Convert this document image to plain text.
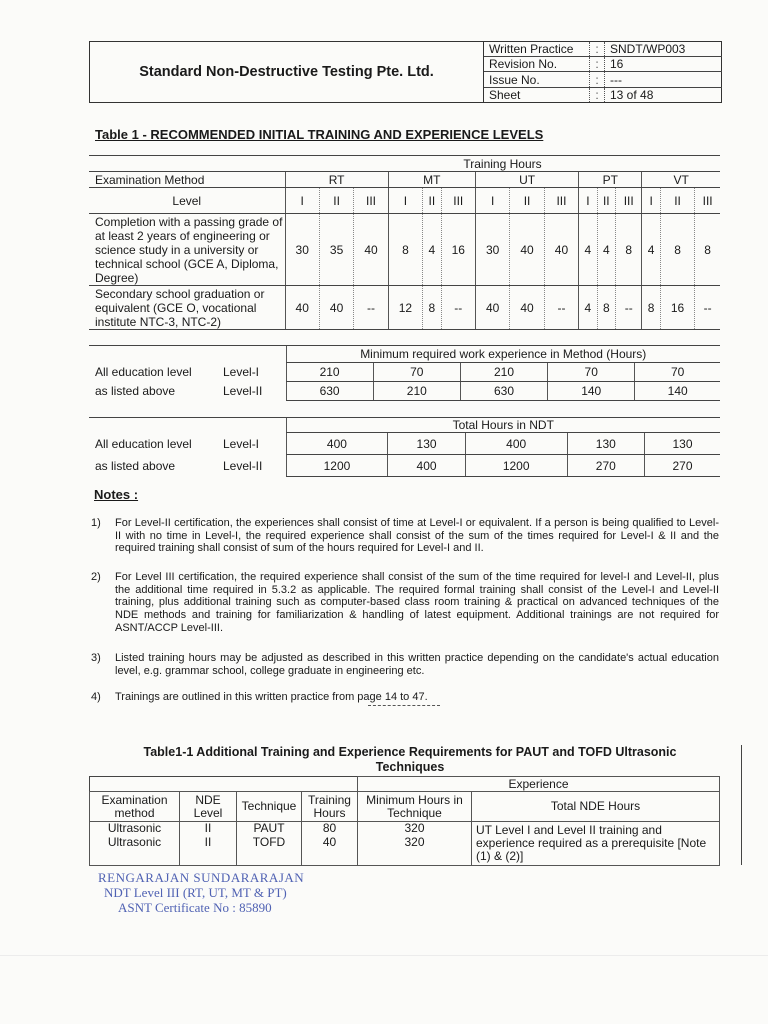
Standard Non-Destructive Testing Pte. Ltd.
Written Practice	:	SNDT/WP003
Revision No.	:	16
Issue No.	:	---
Sheet	:	13 of 48
Table 1 - RECOMMENDED INITIAL TRAINING AND EXPERIENCE LEVELS
	Training Hours														
Examination Method	RT			MT			UT			PT			VT		
Level	I	II	III	I	II	III	I	II	III	I	II	III	I	II	III
Completion with a passing grade of at least 2 years of engineering or science study in a university or technical school (GCE A, Diploma, Degree)	30	35	40	8	4	16	30	40	40	4	4	8	4	8	8
Secondary school graduation or equivalent (GCE O, vocational institute NTC-3, NTC-2)	40	40	--	12	8	--	40	40	--	4	8	--	8	16	--
		Minimum required work experience in Method (Hours)				
All education level	Level-I	210	70	210	70	70
as listed above	Level-II	630	210	630	140	140
		Total Hours in NDT				
All education level	Level-I	400	130	400	130	130
as listed above	Level-II	1200	400	1200	270	270
Notes :
1)	For Level-II certification, the experiences shall consist of time at Level-I or equivalent. If a person is being qualified to Level-II with no time in Level-I, the required experience shall consist of the sum of the times required for Level-I & II and the required training shall consist of sum of the hours required for Level-I and II.
2)	For Level III certification, the required experience shall consist of the sum of the time required for level-I and Level-II, plus the additional time required in 5.3.2 as applicable. The required formal training shall consist of the Level-I and Level-II training, plus additional training such as computer-based class room training & practical on advanced techniques of the NDE methods and training for familiarization & handling of latest equipment. Additional trainings are not required for ASNT/ACCP Level-III.
3)	Listed training hours may be adjusted as described in this written practice depending on the candidate's actual education level, e.g. grammar school, college graduate in engineering etc.
4)	Trainings are outlined in this written practice from page 14 to 47.
Table1-1 Additional Training and Experience Requirements for PAUT and TOFD Ultrasonic
Techniques
				Experience	
Examination method	NDE Level	Technique	Training Hours	Minimum Hours in Technique	Total NDE Hours
Ultrasonic	II	PAUT	80	320	UT Level I and Level II training and experience required as a prerequisite [Note (1) & (2)]
Ultrasonic	II	TOFD	40	320	
RENGARAJAN SUNDARARAJAN
NDT Level III (RT, UT, MT & PT)
ASNT Certificate No : 85890
